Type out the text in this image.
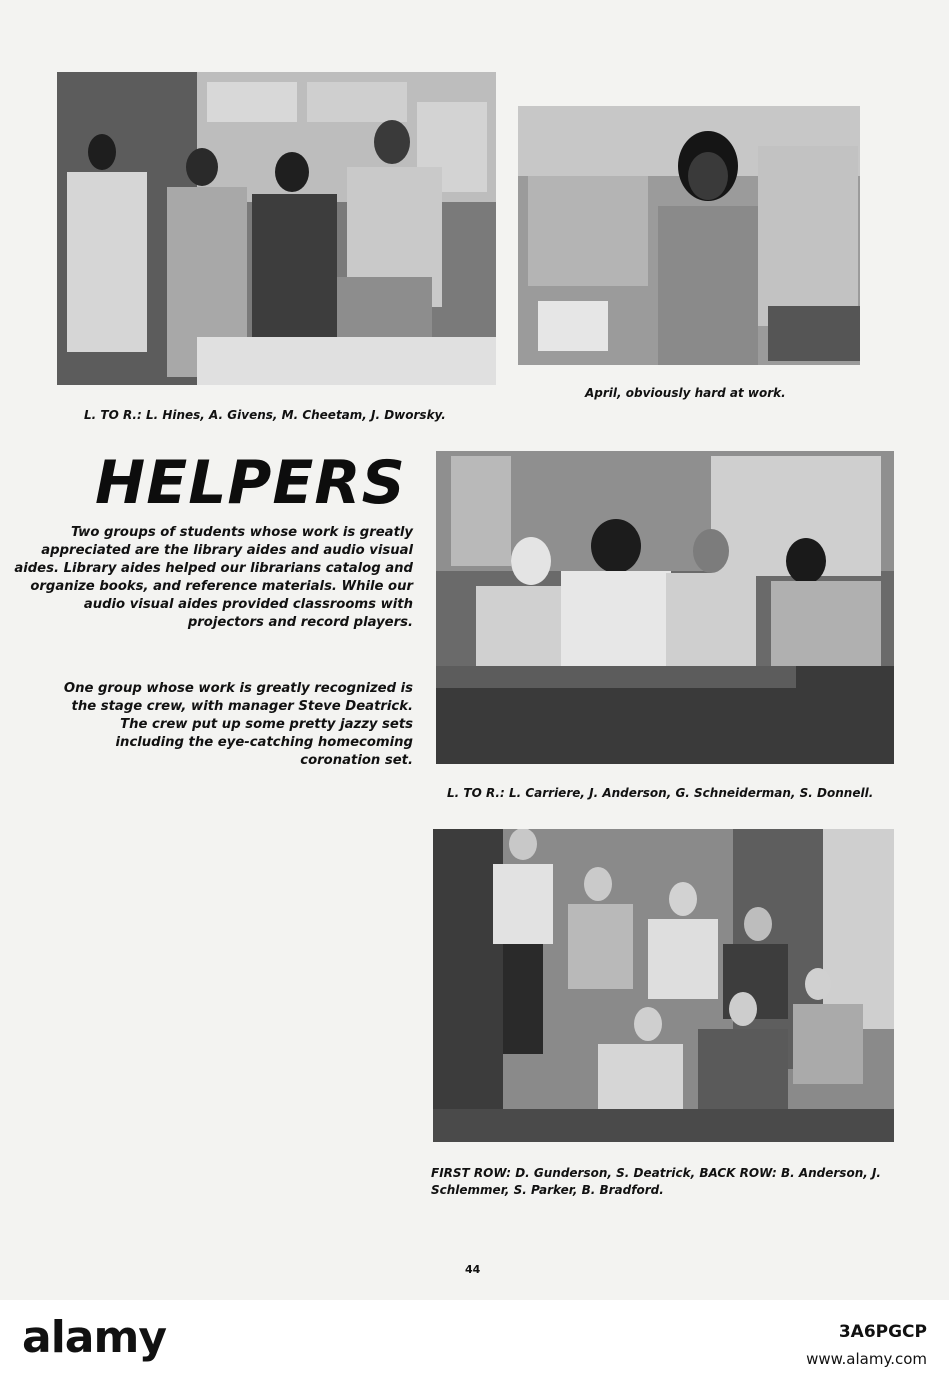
L. TO R.: L. Hines, A. Givens, M. Cheetam, J. Dworsky.
April, obviously hard at work.
HELPERS
Two groups of students whose work is greatly appreciated are the library aides and audio visual aides. Library aides helped our librarians catalog and organize books, and reference materials. While our audio visual aides provided classrooms with projectors and record players.
One group whose work is greatly recognized is the stage crew, with manager Steve Deatrick. The crew put up some pretty jazzy sets including the eye-catching homecoming coronation set.
L. TO R.: L. Carriere, J. Anderson, G. Schneiderman, S. Donnell.
FIRST ROW: D. Gunderson, S. Deatrick, BACK ROW: B. Anderson, J.
Schlemmer, S. Parker, B. Bradford.
44
alamy	3A6PGCP
www.alamy.com
